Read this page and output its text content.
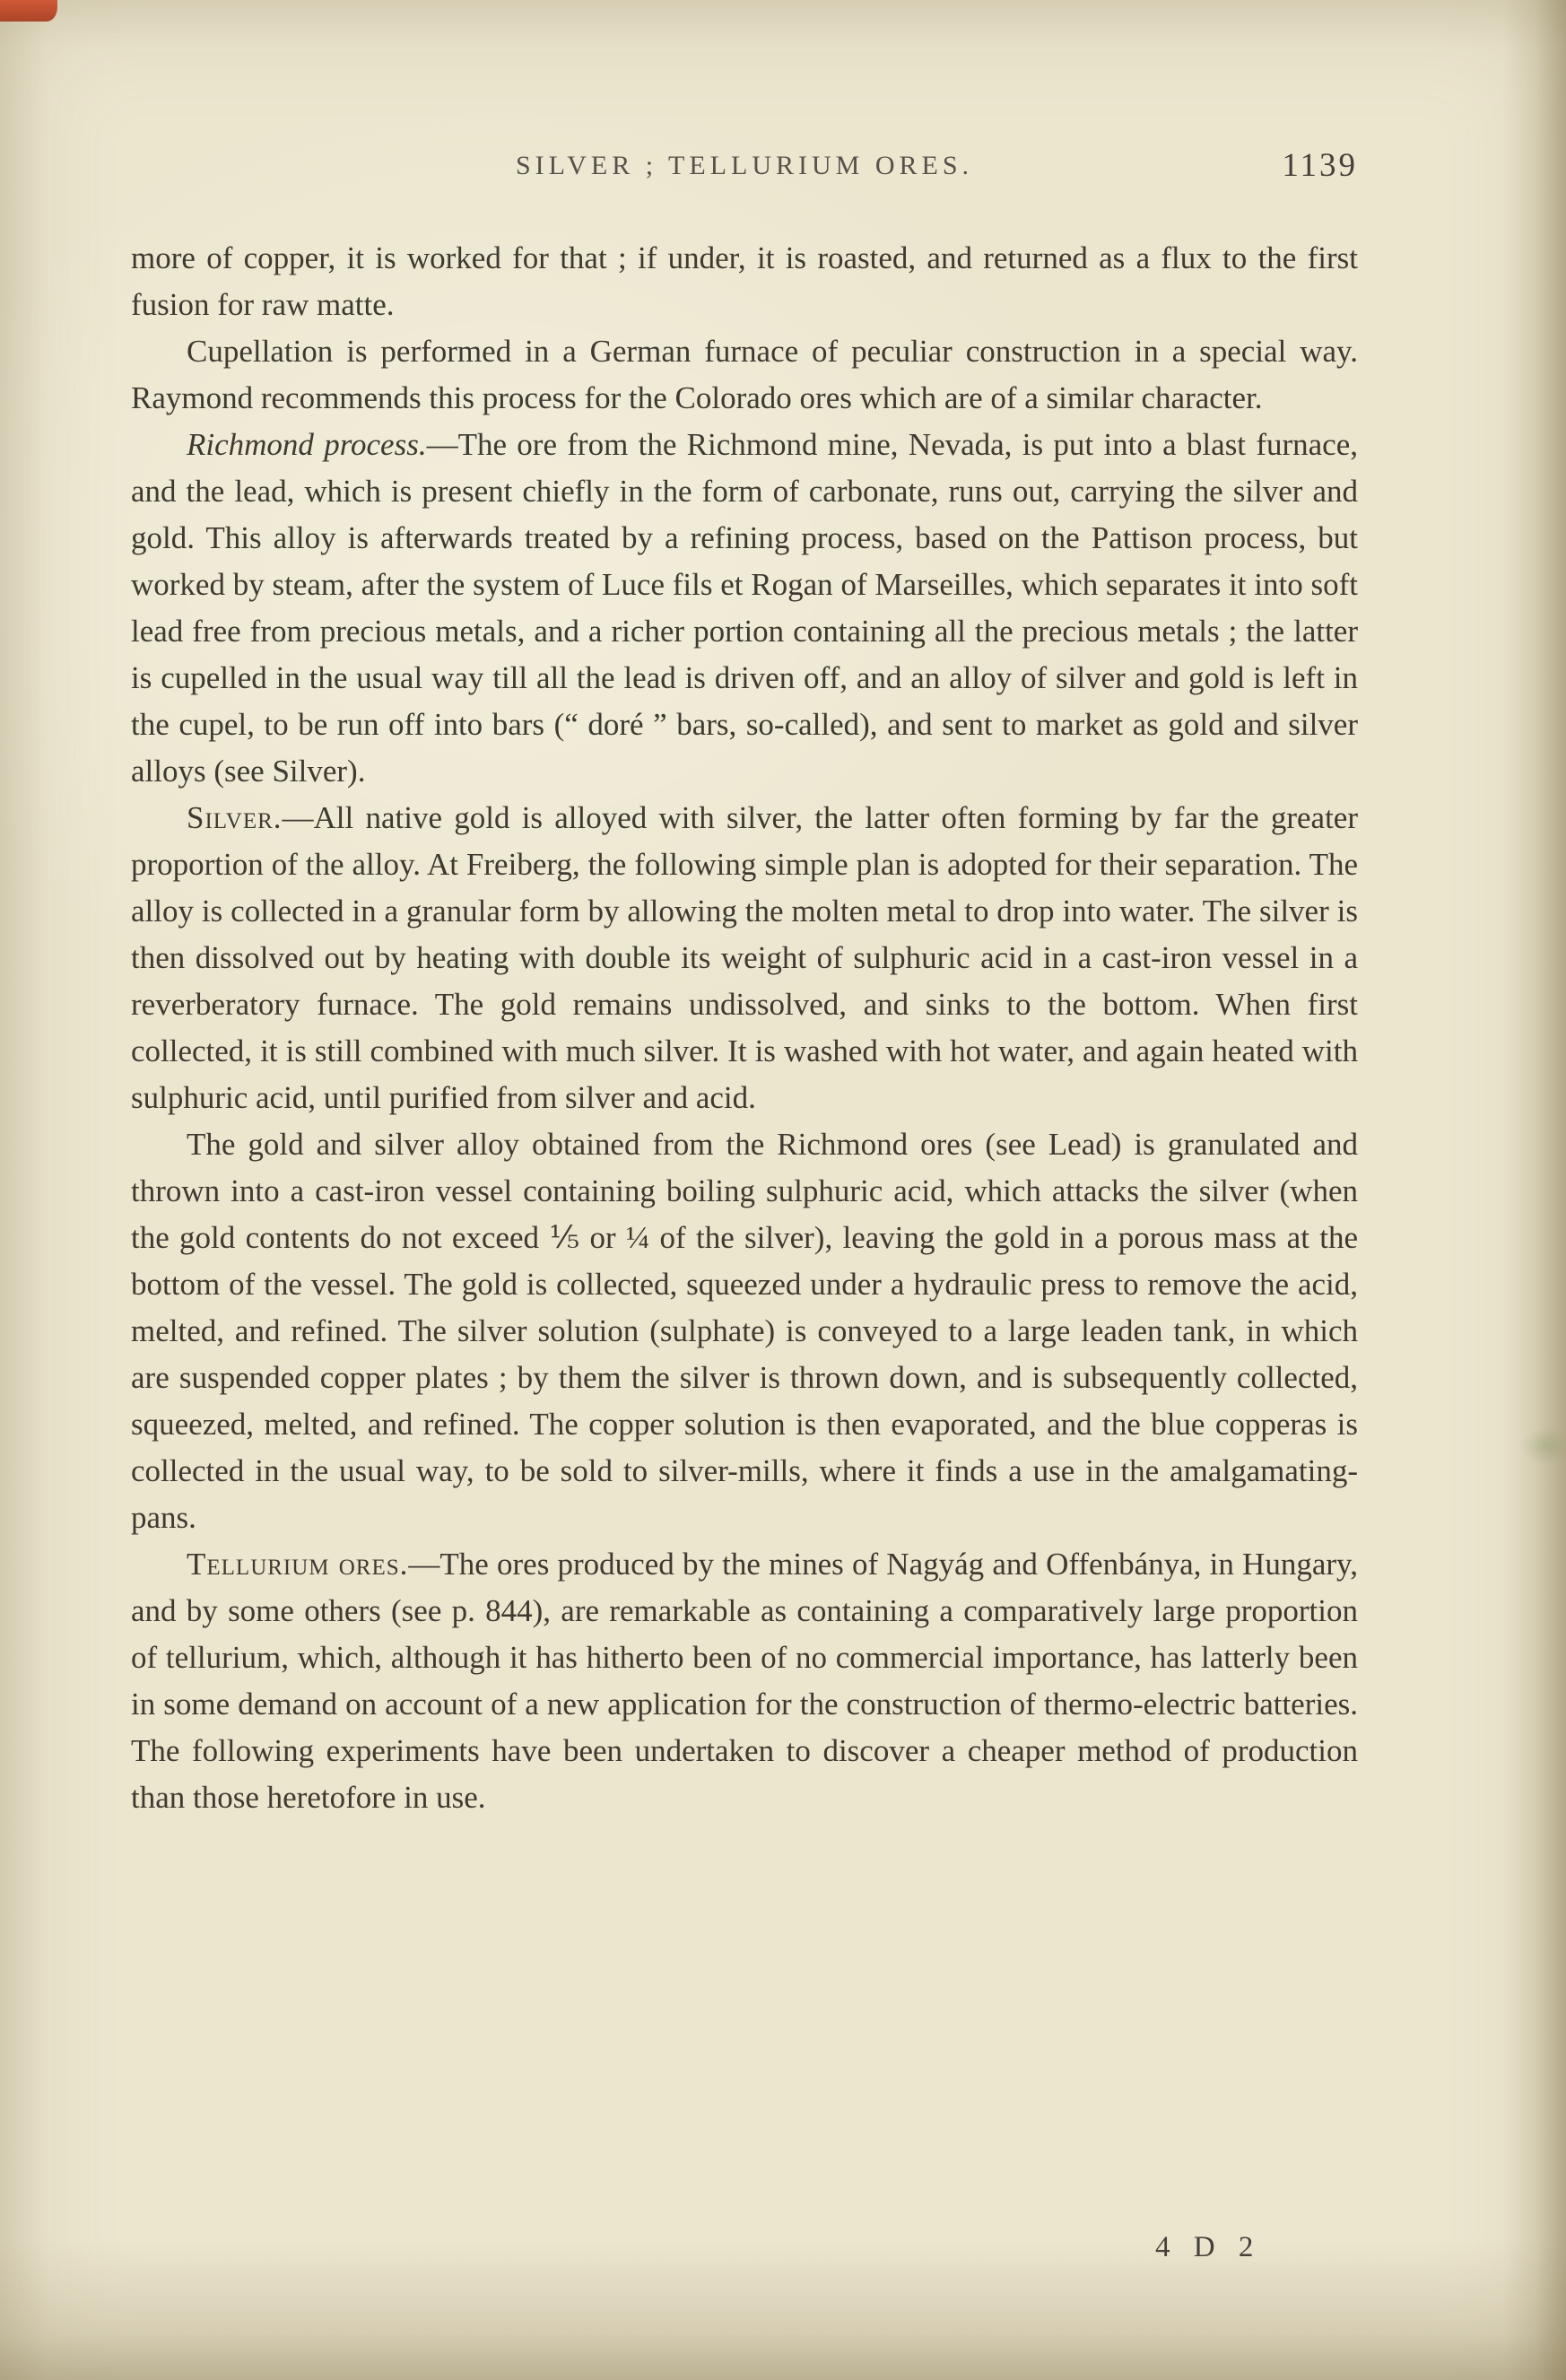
SILVER ; TELLURIUM ORES.	1139

more of copper, it is worked for that ; if under, it is roasted, and returned as a flux to the first fusion for raw matte.

Cupellation is performed in a German furnace of peculiar construction in a special way. Raymond recommends this process for the Colorado ores which are of a similar character.

Richmond process.—The ore from the Richmond mine, Nevada, is put into a blast furnace, and the lead, which is present chiefly in the form of carbonate, runs out, carrying the silver and gold. This alloy is afterwards treated by a refining process, based on the Pattison process, but worked by steam, after the system of Luce fils et Rogan of Marseilles, which separates it into soft lead free from precious metals, and a richer portion containing all the precious metals ; the latter is cupelled in the usual way till all the lead is driven off, and an alloy of silver and gold is left in the cupel, to be run off into bars (“ doré ” bars, so-called), and sent to market as gold and silver alloys (see Silver).

Silver.—All native gold is alloyed with silver, the latter often forming by far the greater proportion of the alloy. At Freiberg, the following simple plan is adopted for their separation. The alloy is collected in a granular form by allowing the molten metal to drop into water. The silver is then dissolved out by heating with double its weight of sulphuric acid in a cast-iron vessel in a reverberatory furnace. The gold remains undissolved, and sinks to the bottom. When first collected, it is still combined with much silver. It is washed with hot water, and again heated with sulphuric acid, until purified from silver and acid.

The gold and silver alloy obtained from the Richmond ores (see Lead) is granulated and thrown into a cast-iron vessel containing boiling sulphuric acid, which attacks the silver (when the gold contents do not exceed ⅕ or ¼ of the silver), leaving the gold in a porous mass at the bottom of the vessel. The gold is collected, squeezed under a hydraulic press to remove the acid, melted, and refined. The silver solution (sulphate) is conveyed to a large leaden tank, in which are suspended copper plates ; by them the silver is thrown down, and is subsequently collected, squeezed, melted, and refined. The copper solution is then evaporated, and the blue copperas is collected in the usual way, to be sold to silver-mills, where it finds a use in the amalgamating-pans.

Tellurium ores.—The ores produced by the mines of Nagyág and Offenbánya, in Hungary, and by some others (see p. 844), are remarkable as containing a comparatively large proportion of tellurium, which, although it has hitherto been of no commercial importance, has latterly been in some demand on account of a new application for the construction of thermo-electric batteries. The following experiments have been undertaken to discover a cheaper method of production than those heretofore in use.

4 D 2
